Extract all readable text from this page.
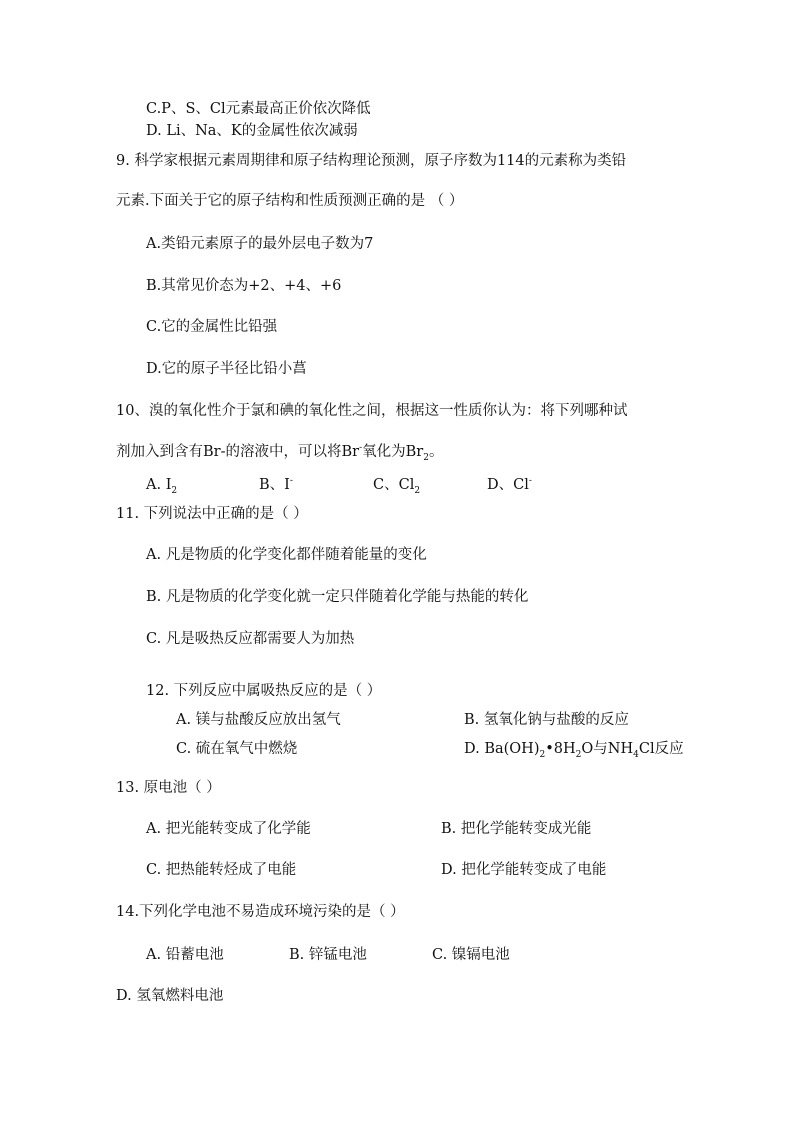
C.P、S、Cl元素最高正价依次降低
D. Li、Na、K的金属性依次减弱
9. 科学家根据元素周期律和原子结构理论预测，原子序数为114的元素称为类铅
元素.下面关于它的原子结构和性质预测正确的是 （ ）
A.类铅元素原子的最外层电子数为7
B.其常见价态为+2、+4、+6
C.它的金属性比铅强
D.它的原子半径比铅小菖
10、溴的氧化性介于氯和碘的氧化性之间，根据这一性质你认为：将下列哪种试
剂加入到含有Br-的溶液中，可以将Br-氧化为$Br_2$。
A. $I_2$	B、I-	C、$Cl_2$	D、Cl-
11. 下列说法中正确的是（ ）
A. 凡是物质的化学变化都伴随着能量的变化
B. 凡是物质的化学变化就一定只伴随着化学能与热能的转化
C. 凡是吸热反应都需要人为加热
12. 下列反应中属吸热反应的是（ ）
A. 镁与盐酸反应放出氢气	B. 氢氧化钠与盐酸的反应
C. 硫在氧气中燃烧	D. $Ba(OH)_2•8H_2O$与$NH_4Cl$反应
13. 原电池（ ）
A. 把光能转变成了化学能	B. 把化学能转变成光能
C. 把热能转烃成了电能	D. 把化学能转变成了电能
14.下列化学电池不易造成环境污染的是（ ）
A. 铅蓄电池	B. 锌锰电池	C. 镍镉电池
D. 氢氧燃料电池
